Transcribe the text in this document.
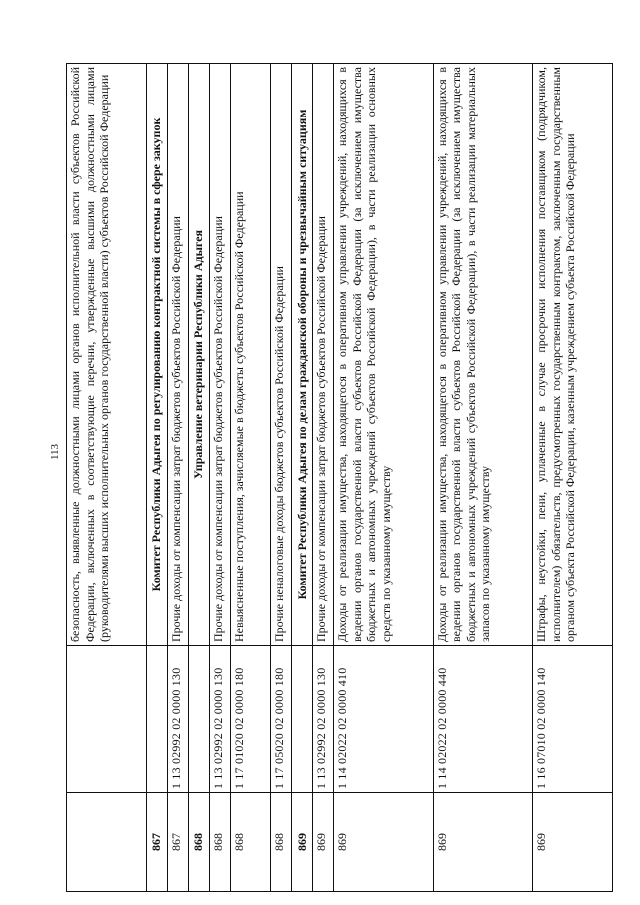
113
		безопасность, выявленные должностными лицами органов исполнительной власти субъектов Российской Федерации, включенных в соответствующие перечни, утвержденные высшими должностными лицами (руководителями высших исполнительных органов государственной власти) субъектов Российской Федерации
867		Комитет Республики Адыгея по регулированию контрактной системы в сфере закупок
867	1 13 02992 02 0000 130	Прочие доходы от компенсации затрат бюджетов субъектов Российской Федерации
868		Управление ветеринарии Республики Адыгея
868	1 13 02992 02 0000 130	Прочие доходы от компенсации затрат бюджетов субъектов Российской Федерации
868	1 17 01020 02 0000 180	Невыясненные поступления, зачисляемые в бюджеты субъектов Российской Федерации
868	1 17 05020 02 0000 180	Прочие неналоговые доходы бюджетов субъектов Российской Федерации
869		Комитет Республики Адыгея по делам гражданской обороны и чрезвычайным ситуациям
869	1 13 02992 02 0000 130	Прочие доходы от компенсации затрат бюджетов субъектов Российской Федерации
869	1 14 02022 02 0000 410	Доходы от реализации имущества, находящегося в оперативном управлении учреждений, находящихся в ведении органов государственной власти субъектов Российской Федерации (за исключением имущества бюджетных и автономных учреждений субъектов Российской Федерации), в части реализации основных средств по указанному имуществу
869	1 14 02022 02 0000 440	Доходы от реализации имущества, находящегося в оперативном управлении учреждений, находящихся в ведении органов государственной власти субъектов Российской Федерации (за исключением имущества бюджетных и автономных учреждений субъектов Российской Федерации), в части реализации материальных запасов по указанному имуществу
869	1 16 07010 02 0000 140	Штрафы, неустойки, пени, уплаченные в случае просрочки исполнения поставщиком (подрядчиком, исполнителем) обязательств, предусмотренных государственным контрактом, заключенным государственным органом субъекта Российской Федерации, казенным учреждением субъекта Российской Федерации
